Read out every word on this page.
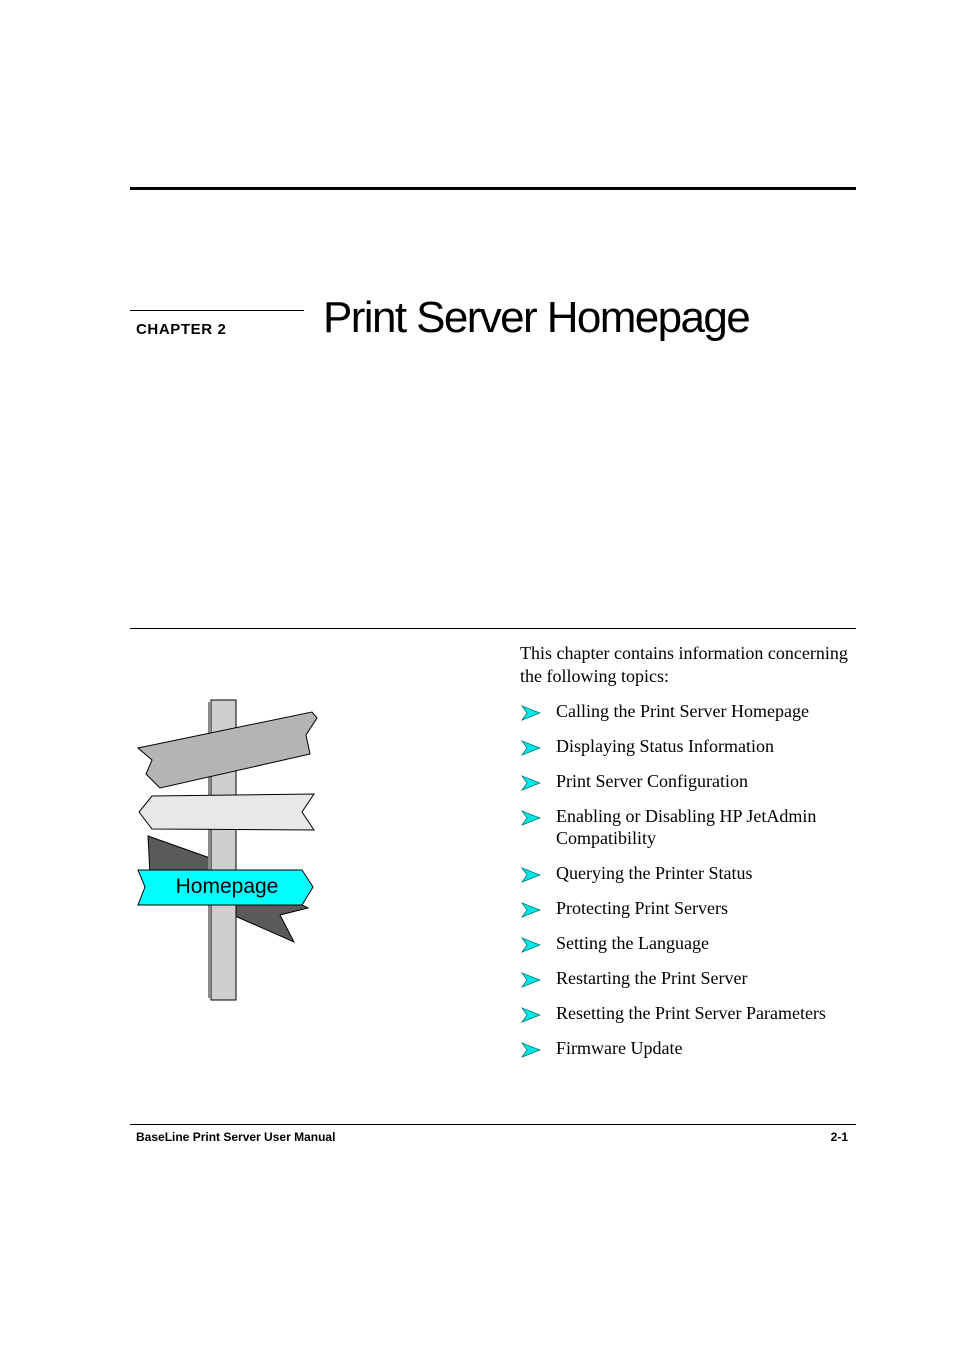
CHAPTER 2 Print Server Homepage
Homepage
This chapter contains information concerning the following topics:
Calling the Print Server Homepage
Displaying Status Information
Print Server Configuration
Enabling or Disabling HP JetAdmin Compatibility
Querying the Printer Status
Protecting Print Servers
Setting the Language
Restarting the Print Server
Resetting the Print Server Parameters
Firmware Update
BaseLine Print Server User Manual	2-1
